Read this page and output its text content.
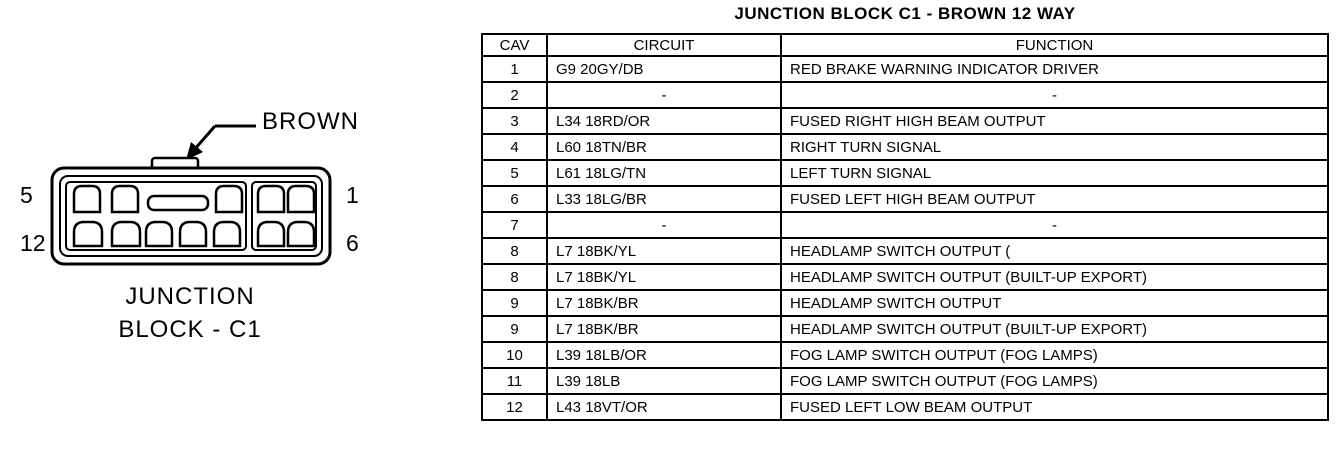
BROWN
5	1
12	6
JUNCTION
BLOCK - C1
JUNCTION BLOCK C1 - BROWN 12 WAY
CAV	CIRCUIT	FUNCTION
1	G9 20GY/DB	RED BRAKE WARNING INDICATOR DRIVER
2	-	-
3	L34 18RD/OR	FUSED RIGHT HIGH BEAM OUTPUT
4	L60 18TN/BR	RIGHT TURN SIGNAL
5	L61 18LG/TN	LEFT TURN SIGNAL
6	L33 18LG/BR	FUSED LEFT HIGH BEAM OUTPUT
7	-	-
8	L7 18BK/YL	HEADLAMP SWITCH OUTPUT (
8	L7 18BK/YL	HEADLAMP SWITCH OUTPUT (BUILT-UP EXPORT)
9	L7 18BK/BR	HEADLAMP SWITCH OUTPUT
9	L7 18BK/BR	HEADLAMP SWITCH OUTPUT (BUILT-UP EXPORT)
10	L39 18LB/OR	FOG LAMP SWITCH OUTPUT (FOG LAMPS)
11	L39 18LB	FOG LAMP SWITCH OUTPUT (FOG LAMPS)
12	L43 18VT/OR	FUSED LEFT LOW BEAM OUTPUT
